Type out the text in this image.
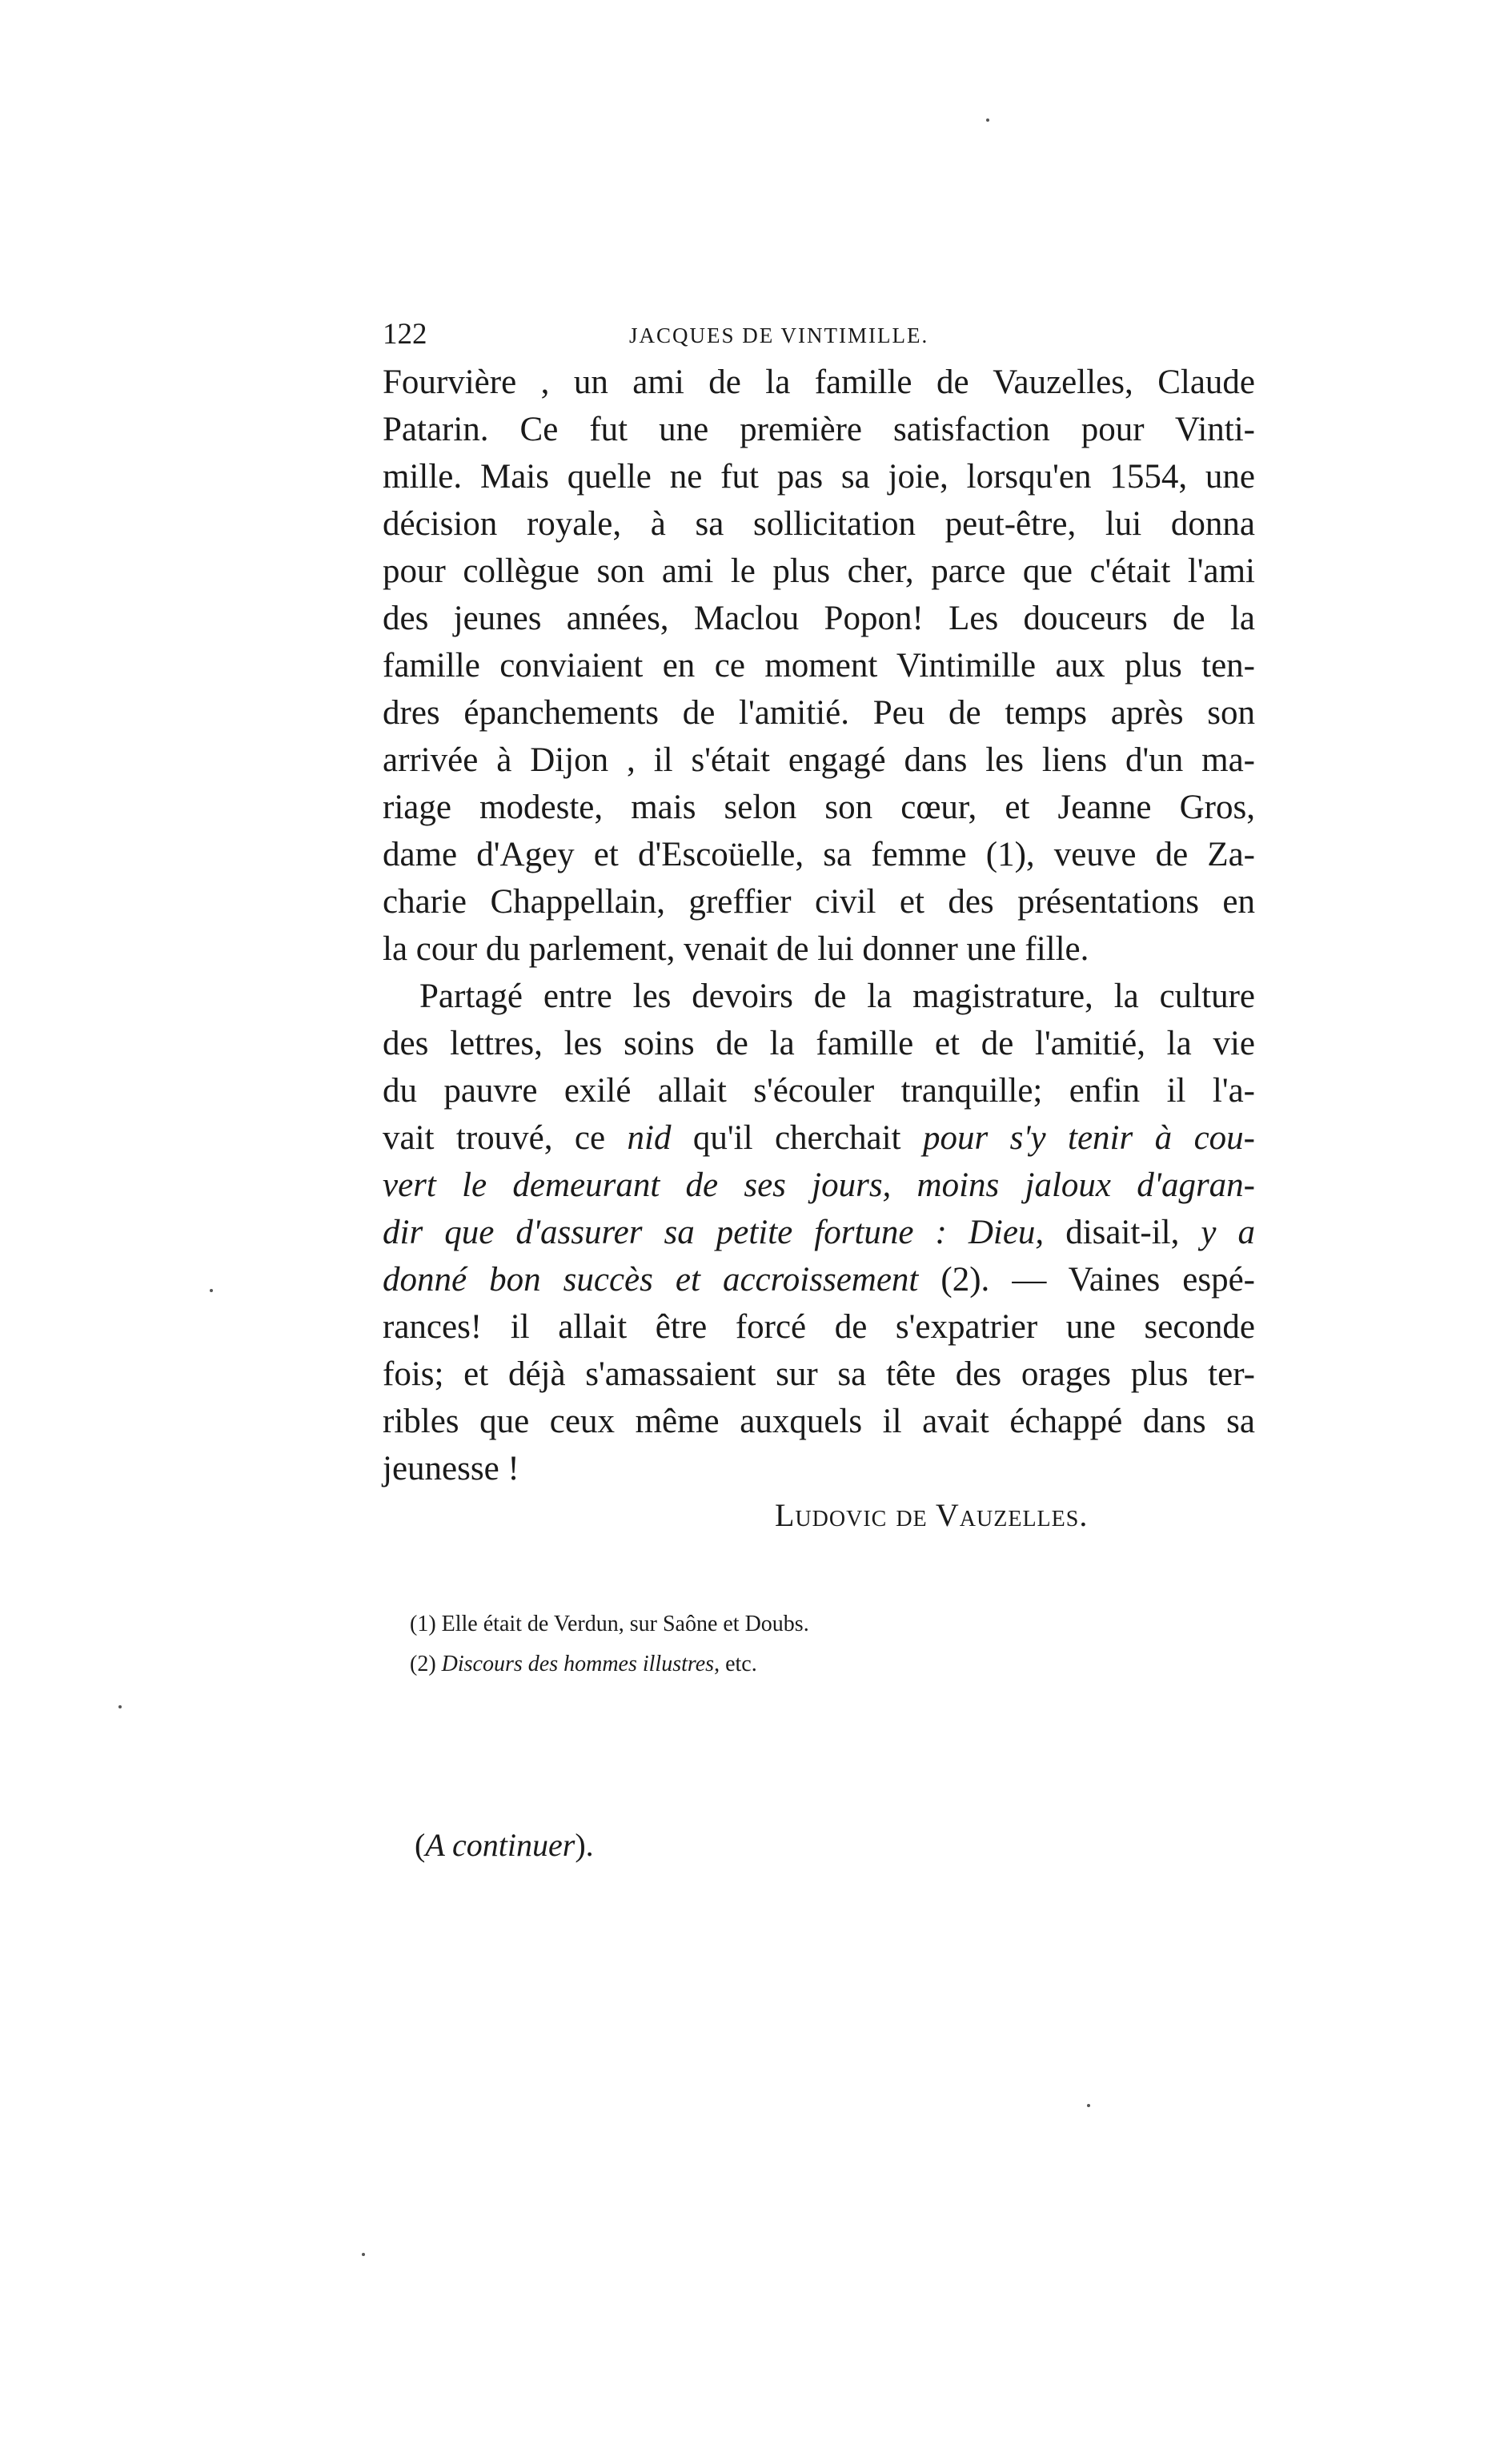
122	JACQUES DE VINTIMILLE.
Fourvière , un ami de la famille de Vauzelles, Claude
Patarin. Ce fut une première satisfaction pour Vinti-
mille. Mais quelle ne fut pas sa joie, lorsqu'en 1554, une
décision royale, à sa sollicitation peut-être, lui donna
pour collègue son ami le plus cher, parce que c'était l'ami
des jeunes années, Maclou Popon! Les douceurs de la
famille conviaient en ce moment Vintimille aux plus ten-
dres épanchements de l'amitié. Peu de temps après son
arrivée à Dijon , il s'était engagé dans les liens d'un ma-
riage modeste, mais selon son cœur, et Jeanne Gros,
dame d'Agey et d'Escoüelle, sa femme (1), veuve de Za-
charie Chappellain, greffier civil et des présentations en
la cour du parlement, venait de lui donner une fille.
Partagé entre les devoirs de la magistrature, la culture
des lettres, les soins de la famille et de l'amitié, la vie
du pauvre exilé allait s'écouler tranquille; enfin il l'a-
vait trouvé, ce nid qu'il cherchait pour s'y tenir à cou-
vert le demeurant de ses jours, moins jaloux d'agran-
dir que d'assurer sa petite fortune : Dieu, disait-il, y a
donné bon succès et accroissement (2). — Vaines espé-
rances! il allait être forcé de s'expatrier une seconde
fois; et déjà s'amassaient sur sa tête des orages plus ter-
ribles que ceux même auxquels il avait échappé dans sa
jeunesse !
Ludovic de Vauzelles.
(1) Elle était de Verdun, sur Saône et Doubs.
(2) Discours des hommes illustres, etc.
(A continuer).
